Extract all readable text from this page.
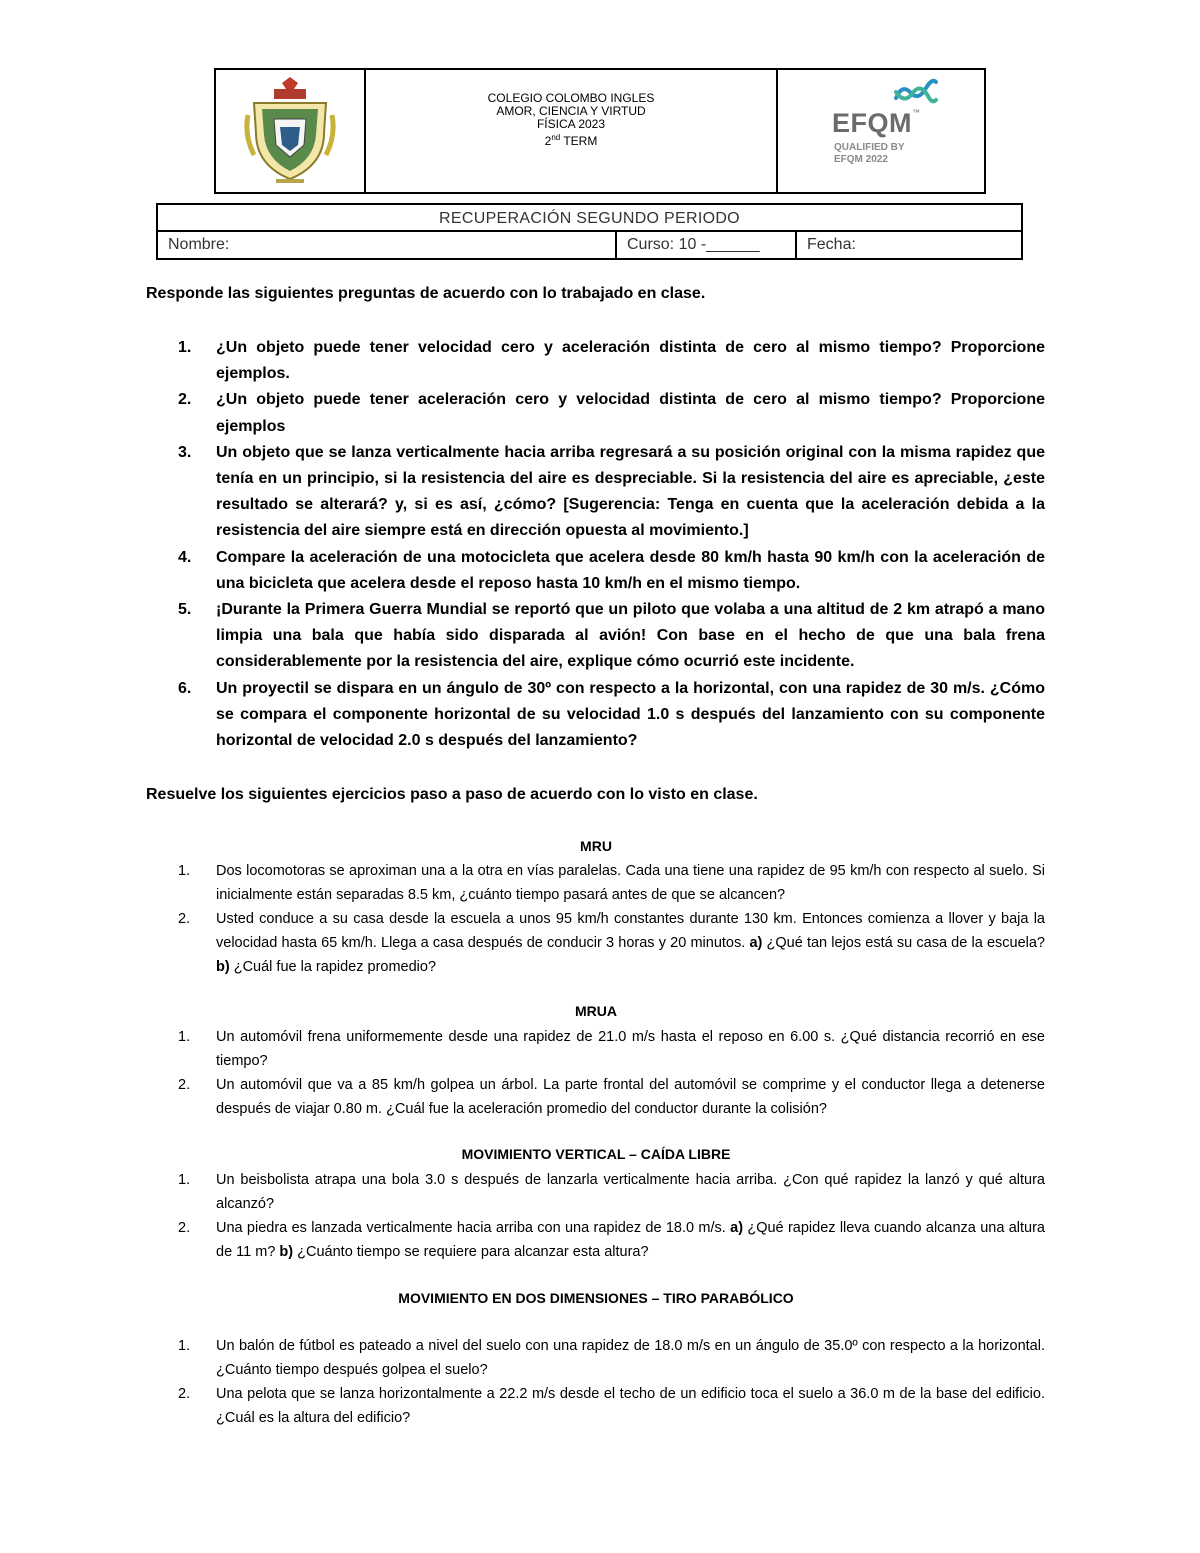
COLEGIO COLOMBO INGLES
AMOR, CIENCIA Y VIRTUD
FÍSICA 2023
2nd TERM
EFQM™
QUALIFIED BY
EFQM 2022
RECUPERACIÓN SEGUNDO PERIODO
Nombre:	Curso: 10 -______	Fecha:
Responde las siguientes preguntas de acuerdo con lo trabajado en clase.
1.	¿Un objeto puede tener velocidad cero y aceleración distinta de cero al mismo tiempo? Proporcione ejemplos.
2.	¿Un objeto puede tener aceleración cero y velocidad distinta de cero al mismo tiempo? Proporcione ejemplos
3.	Un objeto que se lanza verticalmente hacia arriba regresará a su posición original con la misma rapidez que tenía en un principio, si la resistencia del aire es despreciable. Si la resistencia del aire es apreciable, ¿este resultado se alterará? y, si es así, ¿cómo? [Sugerencia: Tenga en cuenta que la aceleración debida a la resistencia del aire siempre está en dirección opuesta al movimiento.]
4.	Compare la aceleración de una motocicleta que acelera desde 80 km/h hasta 90 km/h con la aceleración de una bicicleta que acelera desde el reposo hasta 10 km/h en el mismo tiempo.
5.	¡Durante la Primera Guerra Mundial se reportó que un piloto que volaba a una altitud de 2 km atrapó a mano limpia una bala que había sido disparada al avión! Con base en el hecho de que una bala frena considerablemente por la resistencia del aire, explique cómo ocurrió este incidente.
6.	Un proyectil se dispara en un ángulo de 30º con respecto a la horizontal, con una rapidez de 30 m/s. ¿Cómo se compara el componente horizontal de su velocidad 1.0 s después del lanzamiento con su componente horizontal de velocidad 2.0 s después del lanzamiento?
Resuelve los siguientes ejercicios paso a paso de acuerdo con lo visto en clase.
MRU
1.	Dos locomotoras se aproximan una a la otra en vías paralelas. Cada una tiene una rapidez de 95 km/h con respecto al suelo. Si inicialmente están separadas 8.5 km, ¿cuánto tiempo pasará antes de que se alcancen?
2.	Usted conduce a su casa desde la escuela a unos 95 km/h constantes durante 130 km. Entonces comienza a llover y baja la velocidad hasta 65 km/h. Llega a casa después de conducir 3 horas y 20 minutos. a) ¿Qué tan lejos está su casa de la escuela? b) ¿Cuál fue la rapidez promedio?
MRUA
1.	Un automóvil frena uniformemente desde una rapidez de 21.0 m/s hasta el reposo en 6.00 s. ¿Qué distancia recorrió en ese tiempo?
2.	Un automóvil que va a 85 km/h golpea un árbol. La parte frontal del automóvil se comprime y el conductor llega a detenerse después de viajar 0.80 m. ¿Cuál fue la aceleración promedio del conductor durante la colisión?
MOVIMIENTO VERTICAL – CAÍDA LIBRE
1.	Un beisbolista atrapa una bola 3.0 s después de lanzarla verticalmente hacia arriba. ¿Con qué rapidez la lanzó y qué altura alcanzó?
2.	Una piedra es lanzada verticalmente hacia arriba con una rapidez de 18.0 m/s. a) ¿Qué rapidez lleva cuando alcanza una altura de 11 m? b) ¿Cuánto tiempo se requiere para alcanzar esta altura?
MOVIMIENTO EN DOS DIMENSIONES – TIRO PARABÓLICO
1.	Un balón de fútbol es pateado a nivel del suelo con una rapidez de 18.0 m/s en un ángulo de 35.0º con respecto a la horizontal. ¿Cuánto tiempo después golpea el suelo?
2.	Una pelota que se lanza horizontalmente a 22.2 m/s desde el techo de un edificio toca el suelo a 36.0 m de la base del edificio. ¿Cuál es la altura del edificio?
